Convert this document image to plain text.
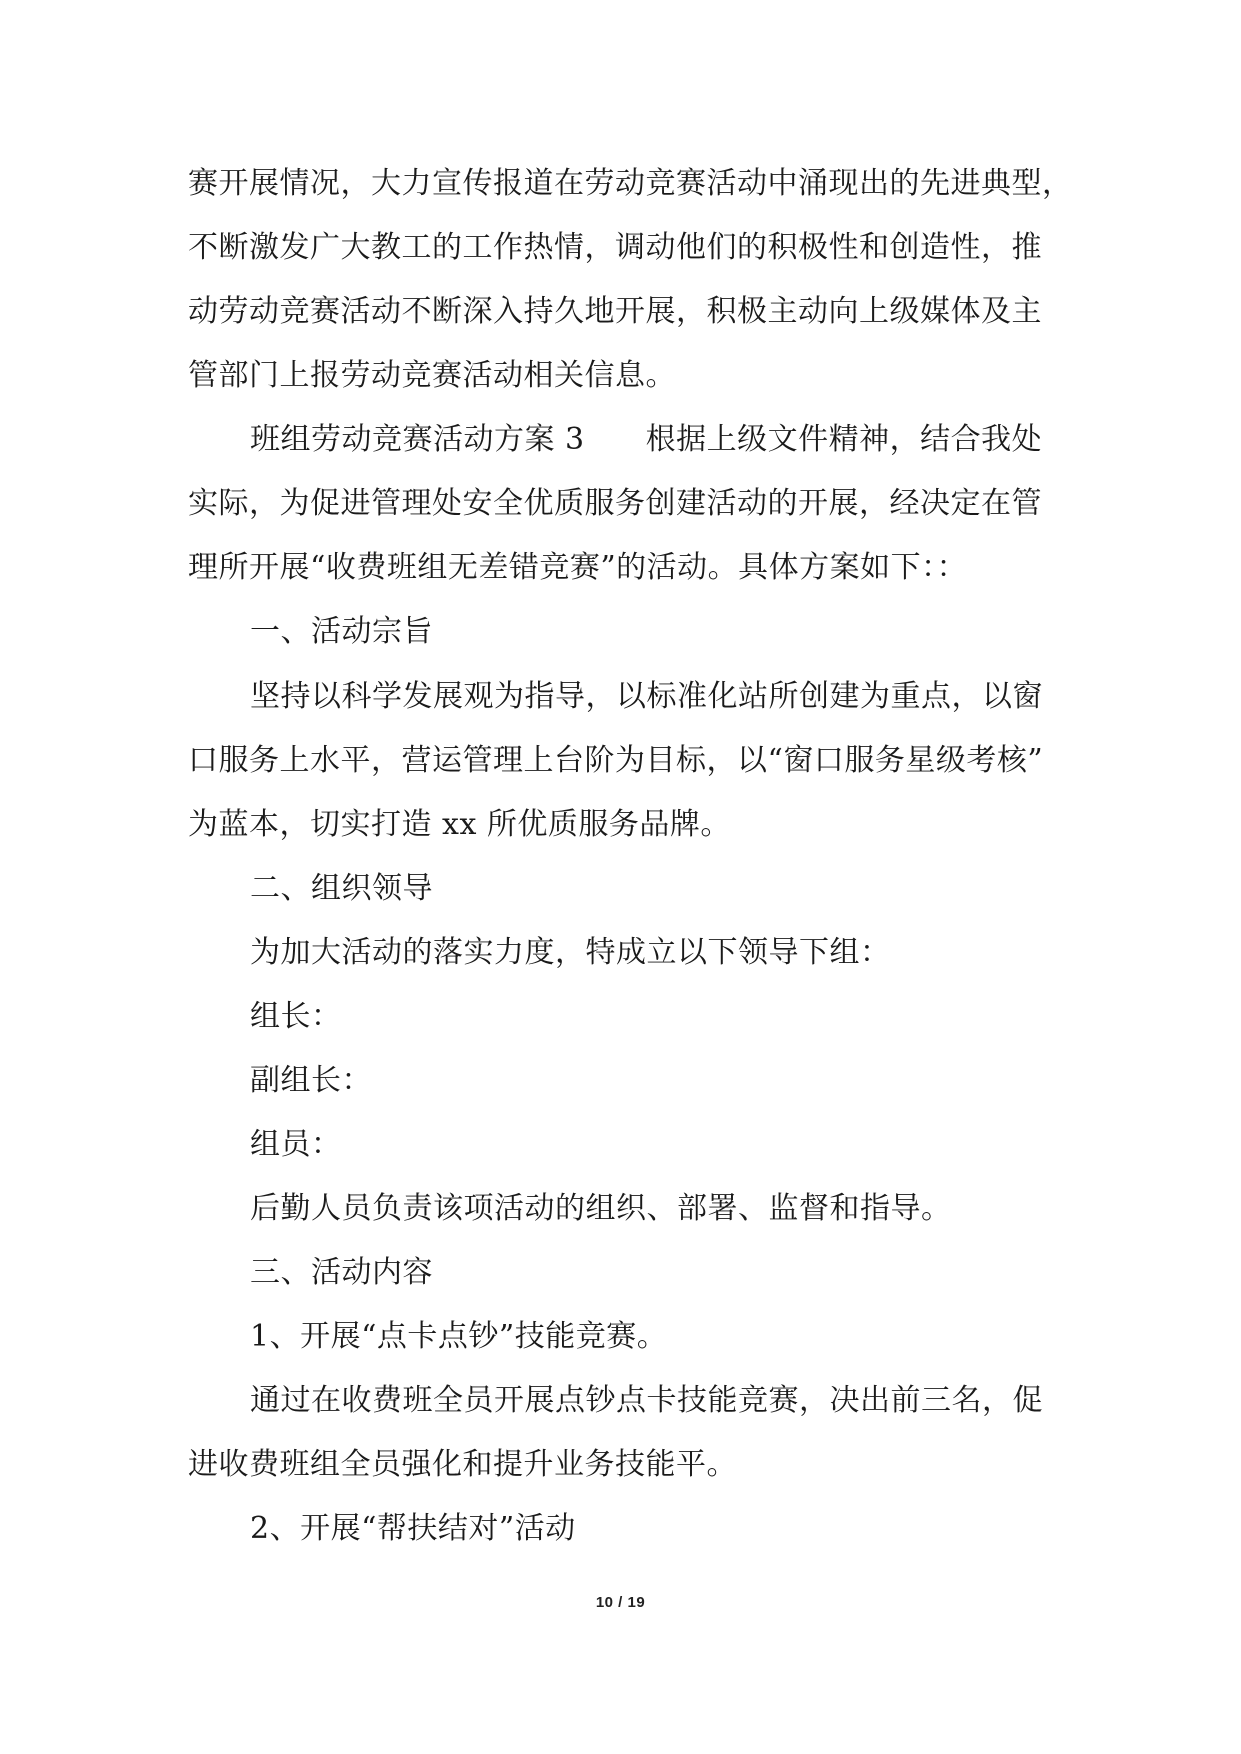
赛开展情况，大力宣传报道在劳动竞赛活动中涌现出的先进典型，
不断激发广大教工的工作热情，调动他们的积极性和创造性，推
动劳动竞赛活动不断深入持久地开展，积极主动向上级媒体及主
管部门上报劳动竞赛活动相关信息。
班组劳动竞赛活动方案 3　　根据上级文件精神，结合我处
实际，为促进管理处安全优质服务创建活动的开展，经决定在管
理所开展“收费班组无差错竞赛”的活动。具体方案如下：：
一、活动宗旨
坚持以科学发展观为指导，以标准化站所创建为重点，以窗
口服务上水平，营运管理上台阶为目标，以“窗口服务星级考核”
为蓝本，切实打造 xx 所优质服务品牌。
二、组织领导
为加大活动的落实力度，特成立以下领导下组：
组长：
副组长：
组员：
后勤人员负责该项活动的组织、部署、监督和指导。
三、活动内容
1、开展“点卡点钞”技能竞赛。
通过在收费班全员开展点钞点卡技能竞赛，决出前三名，促
进收费班组全员强化和提升业务技能平。
2、开展“帮扶结对”活动
10 / 19
